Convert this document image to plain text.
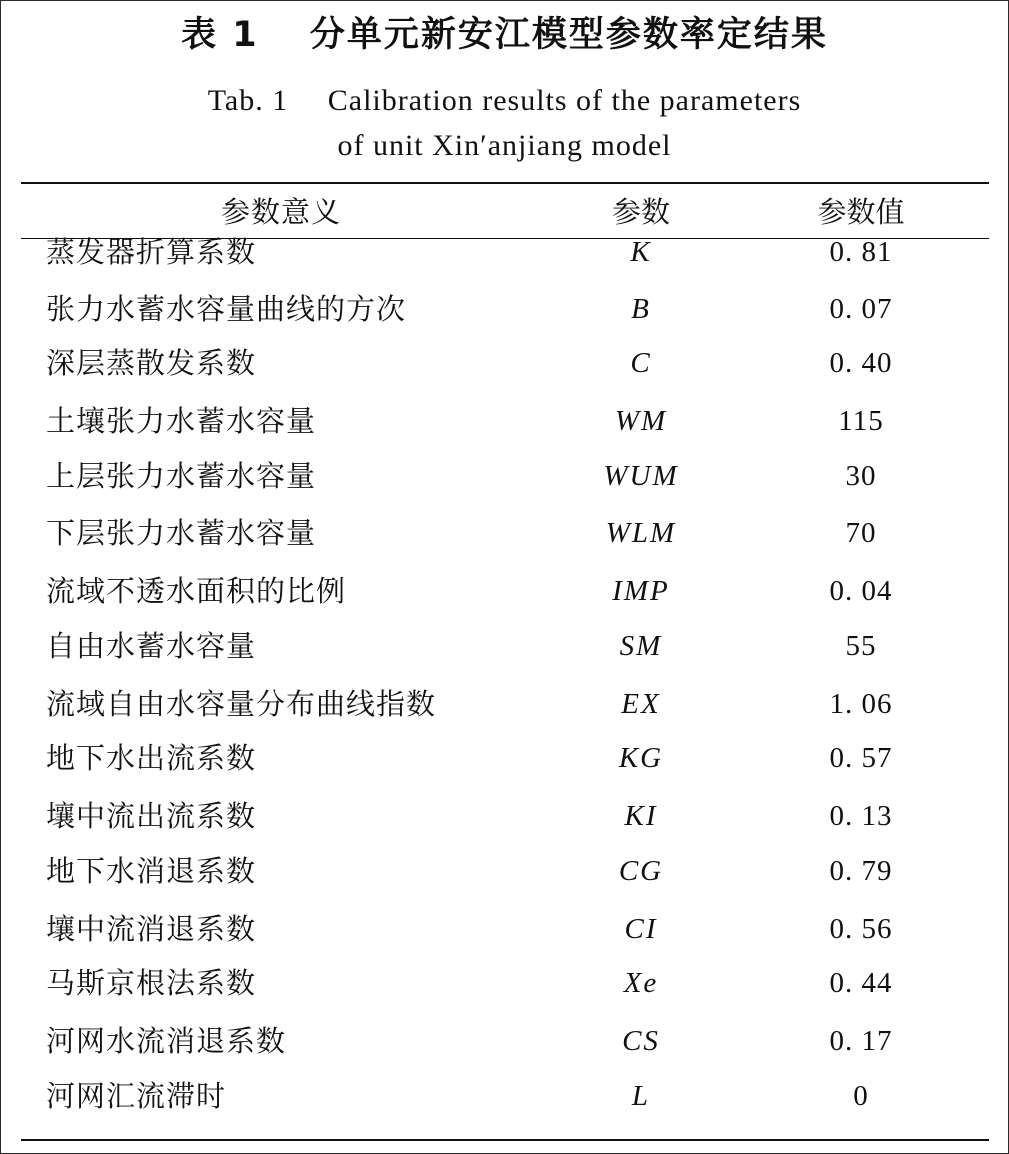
表 1　 分单元新安江模型参数率定结果
Tab. 1　 Calibration results of the parameters
of unit Xin′anjiang model
参数意义	参数	参数值
蒸发器折算系数	K	0. 81
张力水蓄水容量曲线的方次	B	0. 07
深层蒸散发系数	C	0. 40
土壤张力水蓄水容量	WM	115
上层张力水蓄水容量	WUM	30
下层张力水蓄水容量	WLM	70
流域不透水面积的比例	IMP	0. 04
自由水蓄水容量	SM	55
流域自由水容量分布曲线指数	EX	1. 06
地下水出流系数	KG	0. 57
壤中流出流系数	KI	0. 13
地下水消退系数	CG	0. 79
壤中流消退系数	CI	0. 56
马斯京根法系数	Xe	0. 44
河网水流消退系数	CS	0. 17
河网汇流滞时	L	0
